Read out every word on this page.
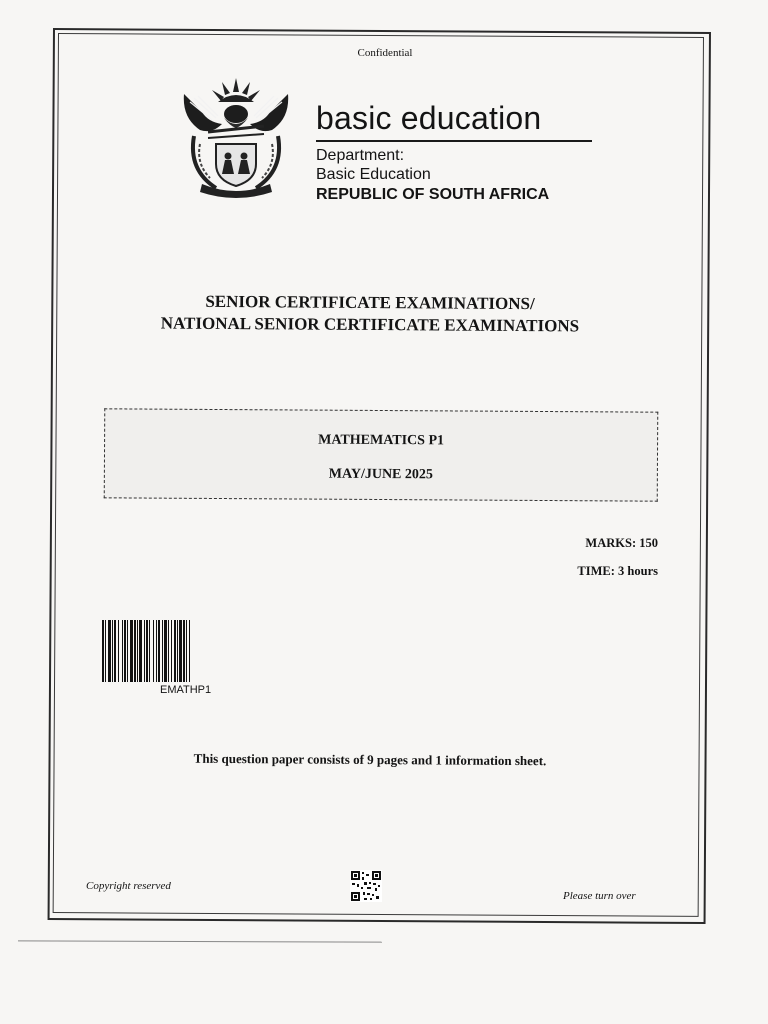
Confidential
basic education
Department:
Basic Education
REPUBLIC OF SOUTH AFRICA
SENIOR CERTIFICATE EXAMINATIONS/
NATIONAL SENIOR CERTIFICATE EXAMINATIONS
MATHEMATICS P1
MAY/JUNE 2025
MARKS: 150
TIME: 3 hours
EMATHP1
This question paper consists of 9 pages and 1 information sheet.
Copyright reserved
Please turn over
